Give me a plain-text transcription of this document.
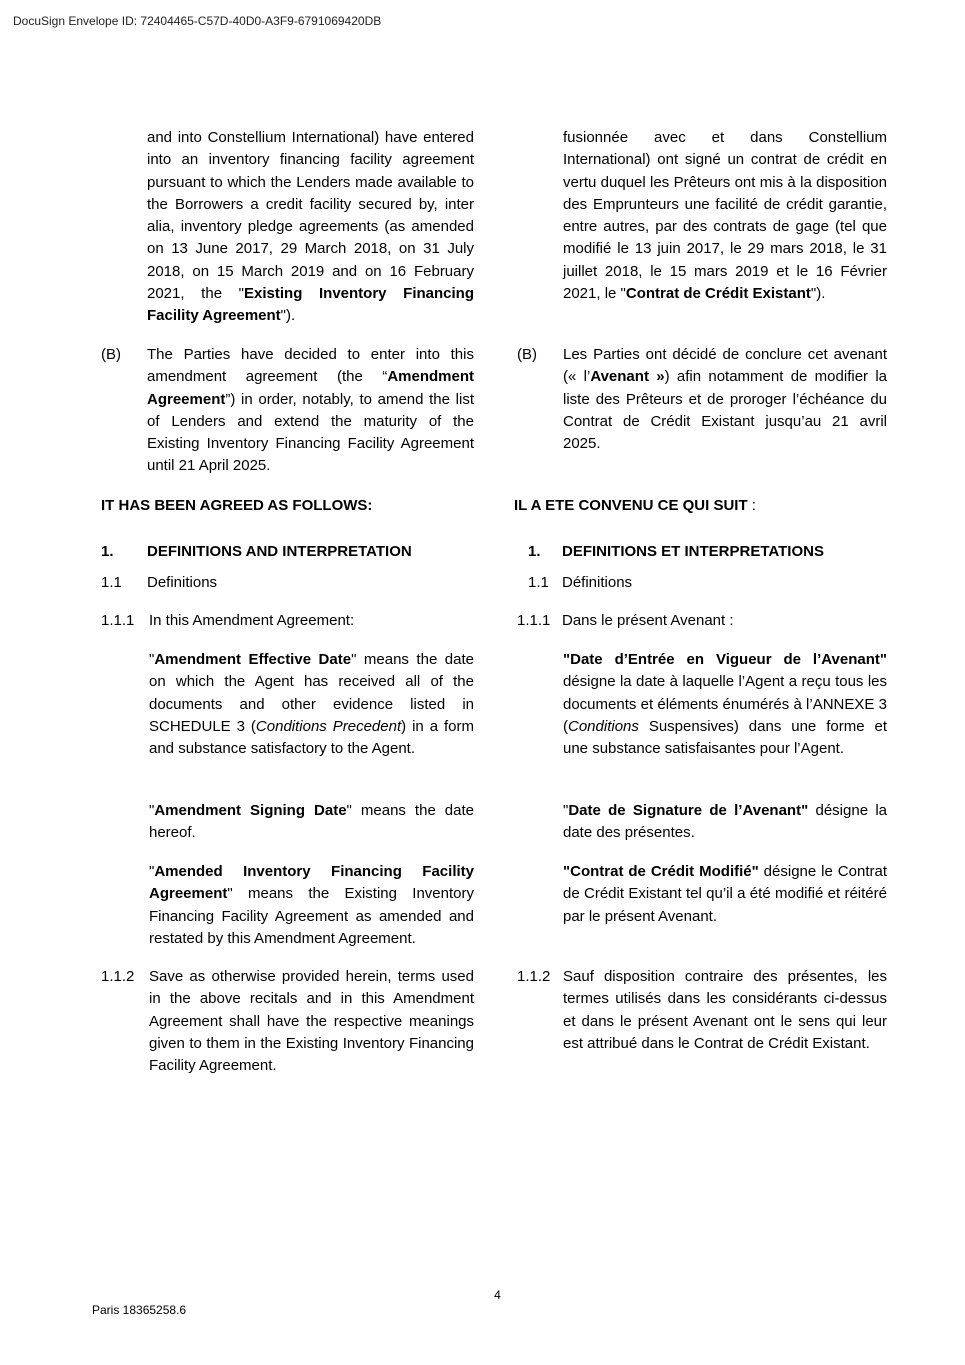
DocuSign Envelope ID: 72404465-C57D-40D0-A3F9-6791069420DB
and into Constellium International) have entered into an inventory financing facility agreement pursuant to which the Lenders made available to the Borrowers a credit facility secured by, inter alia, inventory pledge agreements (as amended on 13 June 2017, 29 March 2018, on 31 July 2018, on 15 March 2019 and on 16 February 2021, the "Existing Inventory Financing Facility Agreement").
(B) The Parties have decided to enter into this amendment agreement (the “Amendment Agreement”) in order, notably, to amend the list of Lenders and extend the maturity of the Existing Inventory Financing Facility Agreement until 21 April 2025.
IT HAS BEEN AGREED AS FOLLOWS:
1. DEFINITIONS AND INTERPRETATION
1.1 Definitions
1.1.1 In this Amendment Agreement:
"Amendment Effective Date" means the date on which the Agent has received all of the documents and other evidence listed in SCHEDULE 3 (Conditions Precedent) in a form and substance satisfactory to the Agent.
"Amendment Signing Date" means the date hereof.
"Amended Inventory Financing Facility Agreement" means the Existing Inventory Financing Facility Agreement as amended and restated by this Amendment Agreement.
1.1.2 Save as otherwise provided herein, terms used in the above recitals and in this Amendment Agreement shall have the respective meanings given to them in the Existing Inventory Financing Facility Agreement.
fusionnée avec et dans Constellium International) ont signé un contrat de crédit en vertu duquel les Prêteurs ont mis à la disposition des Emprunteurs une facilité de crédit garantie, entre autres, par des contrats de gage (tel que modifié le 13 juin 2017, le 29 mars 2018, le 31 juillet 2018, le 15 mars 2019 et le 16 Février 2021, le "Contrat de Crédit Existant").
(B) Les Parties ont décidé de conclure cet avenant (« l’Avenant ») afin notamment de modifier la liste des Prêteurs et de proroger l’échéance du Contrat de Crédit Existant jusqu’au 21 avril 2025.
IL A ETE CONVENU CE QUI SUIT :
1. DEFINITIONS ET INTERPRETATIONS
1.1 Définitions
1.1.1 Dans le présent Avenant :
"Date d’Entrée en Vigueur de l’Avenant" désigne la date à laquelle l’Agent a reçu tous les documents et éléments énumérés à l’ANNEXE 3 (Conditions Suspensives) dans une forme et une substance satisfaisantes pour l’Agent.
"Date de Signature de l’Avenant" désigne la date des présentes.
"Contrat de Crédit Modifié" désigne le Contrat de Crédit Existant tel qu’il a été modifié et réitéré par le présent Avenant.
1.1.2 Sauf disposition contraire des présentes, les termes utilisés dans les considérants ci-dessus et dans le présent Avenant ont le sens qui leur est attribué dans le Contrat de Crédit Existant.
4
Paris 18365258.6
